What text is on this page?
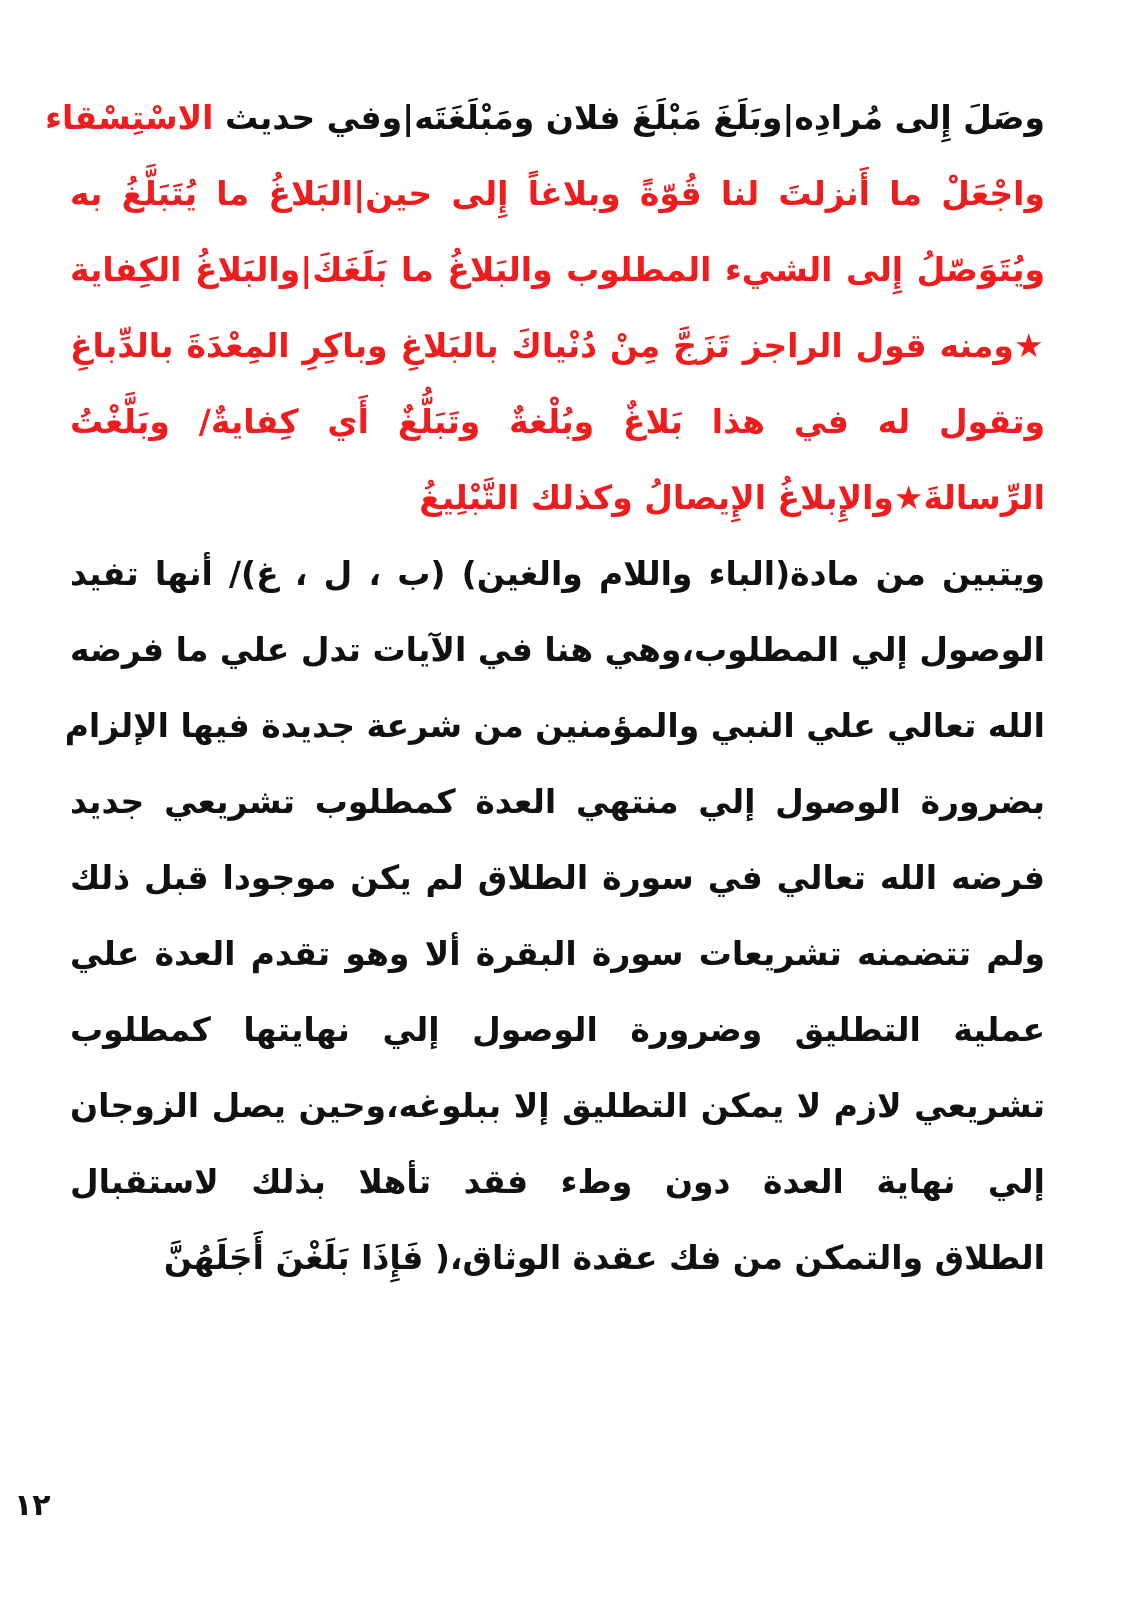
وصَلَ إِلى مُرادِه|وبَلَغَ مَبْلَغَ فلان ومَبْلَغَتَه|وفي حديث الاسْتِسْقاء
واجْعَلْ ما أَنزلتَ لنا قُوّةً وبلاغاً إِلى حين|البَلاغُ ما يُتَبَلَّغُ به
ويُتَوَصّلُ إِلى الشيء المطلوب والبَلاغُ ما بَلَغَكَ|والبَلاغُ الكِفاية
★ومنه قول الراجز تَزَجَّ مِنْ دُنْياكَ بالبَلاغِ وباكِرِ المِعْدَةَ بالدِّباغِ
وتقول له في هذا بَلاغٌ وبُلْغةٌ وتَبَلُّغٌ أَي كِفايةٌ/ وبَلَّغْتُ
الرِّسالةَ★والإِبلاغُ الإِيصالُ وكذلك التَّبْلِيغُ
ويتبين من مادة(الباء واللام والغين) (ب ، ل ، غ)/ أنها تفيد
الوصول إلي المطلوب،وهي هنا في الآيات تدل علي ما فرضه
الله تعالي علي النبي والمؤمنين من شرعة جديدة فيها الإلزام
بضرورة الوصول إلي منتهي العدة كمطلوب تشريعي جديد
فرضه الله تعالي في سورة الطلاق لم يكن موجودا قبل ذلك
ولم تتضمنه تشريعات سورة البقرة ألا وهو تقدم العدة علي
عملية التطليق وضرورة الوصول إلي نهايتها كمطلوب
تشريعي لازم لا يمكن التطليق إلا ببلوغه،وحين يصل الزوجان
إلي نهاية العدة دون وطء فقد تأهلا بذلك لاستقبال
الطلاق والتمكن من فك عقدة الوثاق،( فَإِذَا بَلَغْنَ أَجَلَهُنَّ
١٢
